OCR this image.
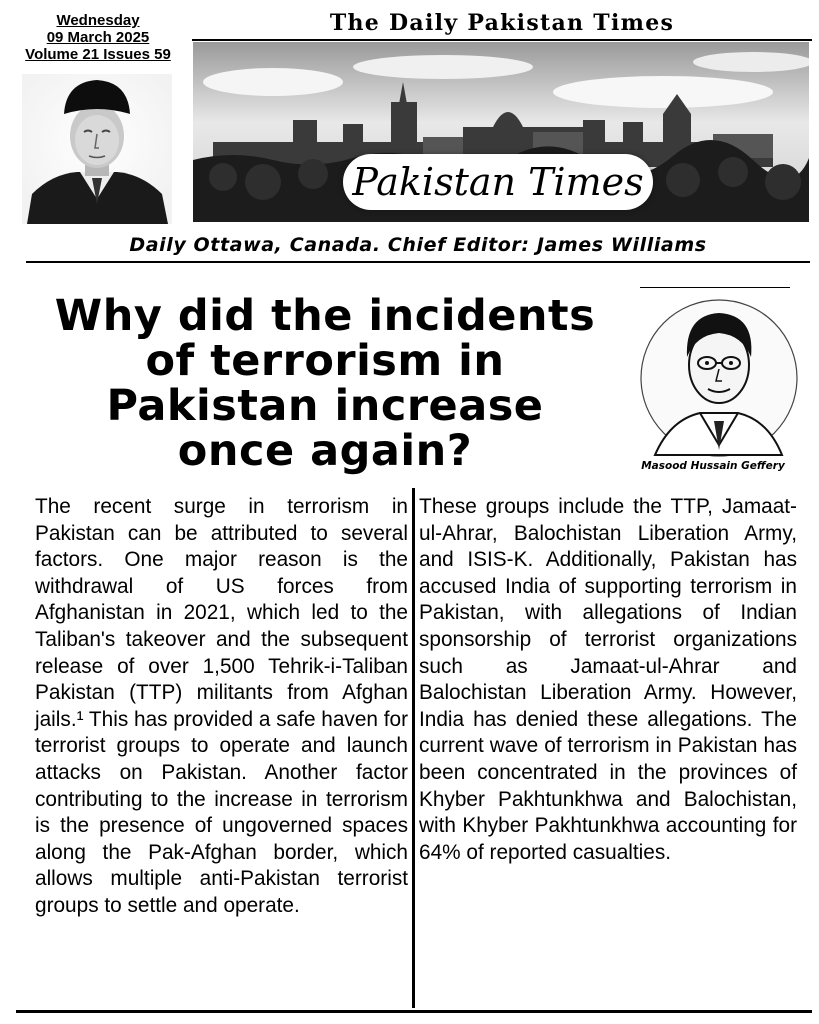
Wednesday
09 March 2025
Volume 21 Issues 59
The Daily Pakistan Times
Pakistan Times
Daily Ottawa, Canada. Chief Editor: James Williams
Why did the incidents
of terrorism in
Pakistan increase
once again?	Masood Hussain Geffery
The recent surge in terrorism in Pakistan can be attributed to several factors. One major reason is the withdrawal of US forces from Afghanistan in 2021, which led to the Taliban's takeover and the subsequent release of over 1,500 Tehrik-i-Taliban Pakistan (TTP) militants from Afghan jails.¹ This has provided a safe haven for terrorist groups to operate and launch attacks on Pakistan. Another factor contributing to the increase in terrorism is the presence of ungoverned spaces along the Pak-Afghan border, which allows multiple anti-Pakistan terrorist groups to settle and operate.
These groups include the TTP, Jamaat-ul-Ahrar, Balochistan Liberation Army, and ISIS-K. Additionally, Pakistan has accused India of supporting terrorism in Pakistan, with allegations of Indian sponsorship of terrorist organizations such as Jamaat-ul-Ahrar and Balochistan Liberation Army. However, India has denied these allegations. The current wave of terrorism in Pakistan has been concentrated in the provinces of Khyber Pakhtunkhwa and Balochistan, with Khyber Pakhtunkhwa accounting for 64% of reported casualties.
